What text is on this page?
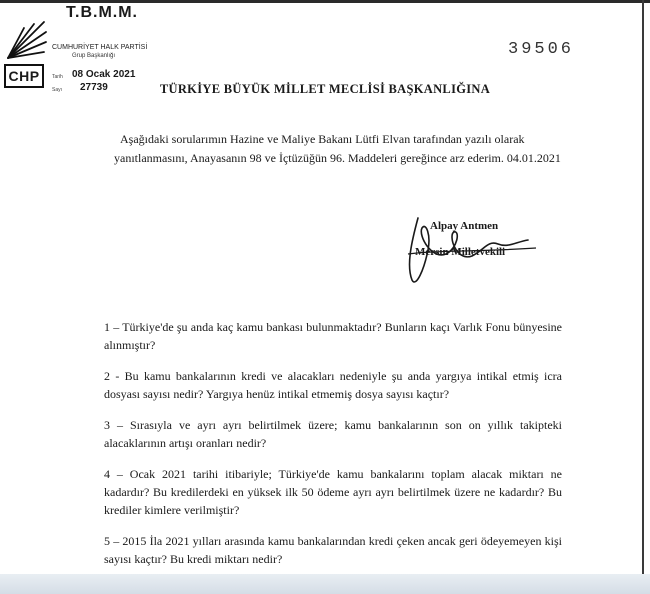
CHP
T.B.M.M.
CUMHURİYET HALK PARTİSİ
Grup Başkanlığı
Tarih 08 Ocak 2021
Sayı 27739
39506
TÜRKİYE BÜYÜK MİLLET MECLİSİ BAŞKANLIĞINA
Aşağıdaki sorularımın Hazine ve Maliye Bakanı Lütfi Elvan tarafından yazılı olarak
yanıtlanmasını, Anayasanın 98 ve İçtüzüğün 96. Maddeleri gereğince arz ederim. 04.01.2021
Alpay Antmen
Mersin Milletvekili

1 – Türkiye'de şu anda kaç kamu bankası bulunmaktadır? Bunların kaçı Varlık Fonu bünyesine alınmıştır?

2 - Bu kamu bankalarının kredi ve alacakları nedeniyle şu anda yargıya intikal etmiş icra dosyası sayısı nedir? Yargıya henüz intikal etmemiş dosya sayısı kaçtır?

3 – Sırasıyla ve ayrı ayrı belirtilmek üzere; kamu bankalarının son on yıllık takipteki alacaklarının artışı oranları nedir?

4 – Ocak 2021 tarihi itibariyle; Türkiye'de kamu bankalarını toplam alacak miktarı ne kadardır? Bu kredilerdeki en yüksek ilk 50 ödeme ayrı ayrı belirtilmek üzere ne kadardır? Bu krediler kimlere verilmiştir?

5 – 2015 İla 2021 yılları arasında kamu bankalarından kredi çeken ancak geri ödeyemeyen kişi sayısı kaçtır? Bu kredi miktarı nedir?
